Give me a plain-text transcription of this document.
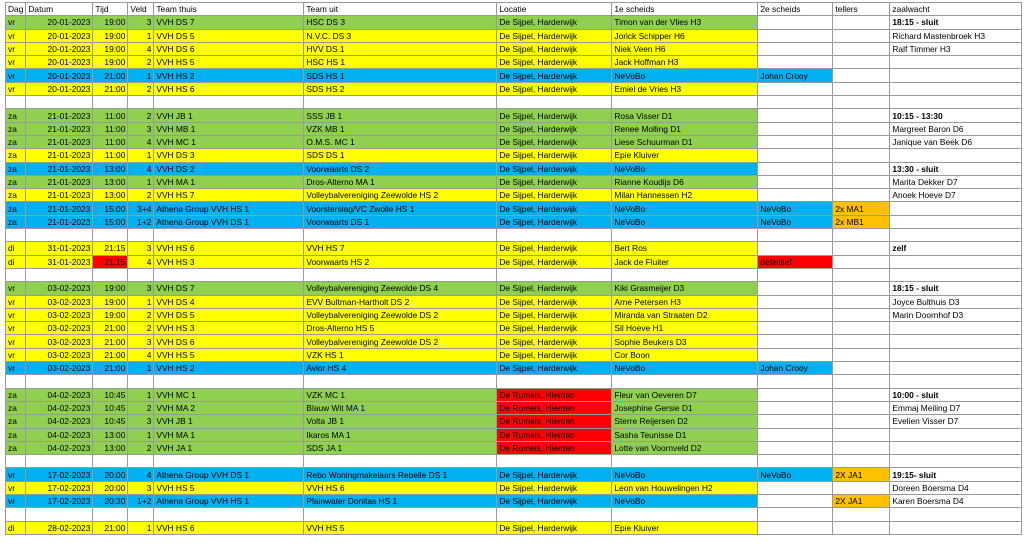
Dag	Datum	Tijd	Veld	Team thuis	Team uit	Locatie	1e scheids	2e scheids	tellers	zaalwacht
vr	20-01-2023	19:00	3	VVH DS 7	HSC DS 3	De Sijpel, Harderwijk	Timon van der Vlies H3			18:15 - sluit
vr	20-01-2023	19:00	1	VVH DS 5	N.V.C. DS 3	De Sijpel, Harderwijk	Jorick Schipper H6			Richard Mastenbroek H3
vr	20-01-2023	19:00	4	VVH DS 6	HVV DS 1	De Sijpel, Harderwijk	Niek Veen H6			Ralf Timmer H3
vr	20-01-2023	19:00	2	VVH HS 5	HSC HS 1	De Sijpel, Harderwijk	Jack Hoffman H3			
vr	20-01-2023	21:00	1	VVH HS 2	SDS HS 1	De Sijpel, Harderwijk	NeVoBo	Johan Crooy		
vr	20-01-2023	21:00	2	VVH HS 6	SDS HS 2	De Sijpel, Harderwijk	Emiel de Vries H3			

za	21-01-2023	11:00	2	VVH JB 1	SSS JB 1	De Sijpel, Harderwijk	Rosa Visser D1			10:15 - 13:30
za	21-01-2023	11:00	3	VVH MB 1	VZK MB 1	De Sijpel, Harderwijk	Renee Molling D1			Margreet Baron D6
za	21-01-2023	11:00	4	VVH MC 1	O.M.S. MC 1	De Sijpel, Harderwijk	Liese Schuurman D1			Janique van Beek D6
za	21-01-2023	11:00	1	VVH DS 3	SDS DS 1	De Sijpel, Harderwijk	Epie Kluiver			
za	21-01-2023	13:00	4	VVH DS 2	Voorwaarts DS 2	De Sijpel, Harderwijk	NeVoBo			13:30 - sluit
za	21-01-2023	13:00	1	VVH MA 1	Dros-Alterno MA 1	De Sijpel, Harderwijk	Rianne Koudijs D6			Marita Dekker D7
za	21-01-2023	13:00	2	VVH HS 7	Volleybalvereniging Zeewolde HS 2	De Sijpel, Harderwijk	Milan Hannessen H2			Anoek Hoeve D7
za	21-01-2023	15:00	3+4	Athena Group VVH HS 1	Voorsterslag/VC Zwolle HS 1	De Sijpel, Harderwijk	NeVoBo	NeVoBo	2x MA1	
za	21-01-2023	15:00	1+2	Athena Group VVH DS 1	Voorwaarts DS 1	De Sijpel, Harderwijk	NeVoBo	NeVoBo	2x MB1	

di	31-01-2023	21:15	3	VVH HS 6	VVH HS 7	De Sijpel, Harderwijk	Bert Ros			zelf
di	31-01-2023	21:15	4	VVH HS 3	Voorwaarts HS 2	De Sijpel, Harderwijk	Jack de Fluiter	definitief		

vr	03-02-2023	19:00	3	VVH DS 7	Volleybalvereniging Zeewolde DS 4	De Sijpel, Harderwijk	Kiki Grasmeijer D3			18:15 - sluit
vr	03-02-2023	19:00	1	VVH DS 4	EVV Bultman-Hartholt DS 2	De Sijpel, Harderwijk	Arne Petersen H3			Joyce Bulthuis D3
vr	03-02-2023	19:00	2	VVH DS 5	Volleybalvereniging Zeewolde DS 2	De Sijpel, Harderwijk	Miranda van Straaten D2			Marin Doornhof D3
vr	03-02-2023	21:00	2	VVH HS 3	Dros-Alterno HS 5	De Sijpel, Harderwijk	Sil Hoeve H1			
vr	03-02-2023	21:00	3	VVH DS 6	Volleybalvereniging Zeewolde DS 2	De Sijpel, Harderwijk	Sophie Beukers D3			
vr	03-02-2023	21:00	4	VVH HS 5	VZK HS 1	De Sijpel, Harderwijk	Cor Boon			
vr	03-02-2023	21:00	1	VVH HS 2	Avior HS 4	De Sijpel, Harderwijk	NeVoBo	Johan Crooy		

za	04-02-2023	10:45	1	VVH MC 1	VZK MC 1	De Rumels, Hierden	Fleur van Oeveren D7			10:00 - sluit
za	04-02-2023	10:45	2	VVH MA 2	Blauw Wit MA 1	De Rumels, Hierden	Josephine Gersie D1			Emmaj Meiling D7
za	04-02-2023	10:45	3	VVH JB 1	Volta JB 1	De Rumels, Hierden	Sterre Reijersen D2			Evelien Visser D7
za	04-02-2023	13:00	1	VVH MA 1	Ikaros MA 1	De Rumels, Hierden	Sasha Teunisse D1			
za	04-02-2023	13:00	2	VVH JA 1	SDS JA 1	De Rumels, Hierden	Lotte van Voornveld D2			

vr	17-02-2023	20:00	4	Athena Group VVH DS 1	Rebo Woningmakelaars Rebelle DS 1	De Sijpel, Harderwijk	NeVoBo	NeVoBo	2X JA1	19:15- sluit
vr	17-02-2023	20:00	3	VVH HS 5	VVH HS 6	De Sijpel, Harderwijk	Leon van Houwelingen H2			Doreen Boersma D4
vr	17-02-2023	20:30	1+2	Athena Group VVH HS 1	Plainwater Donitas HS 1	De Sijpel, Harderwijk	NeVoBo		2X JA1	Karen Boersma D4

di	28-02-2023	21:00	1	VVH HS 6	VVH HS 5	De Sijpel, Harderwijk	Epie Kluiver			
